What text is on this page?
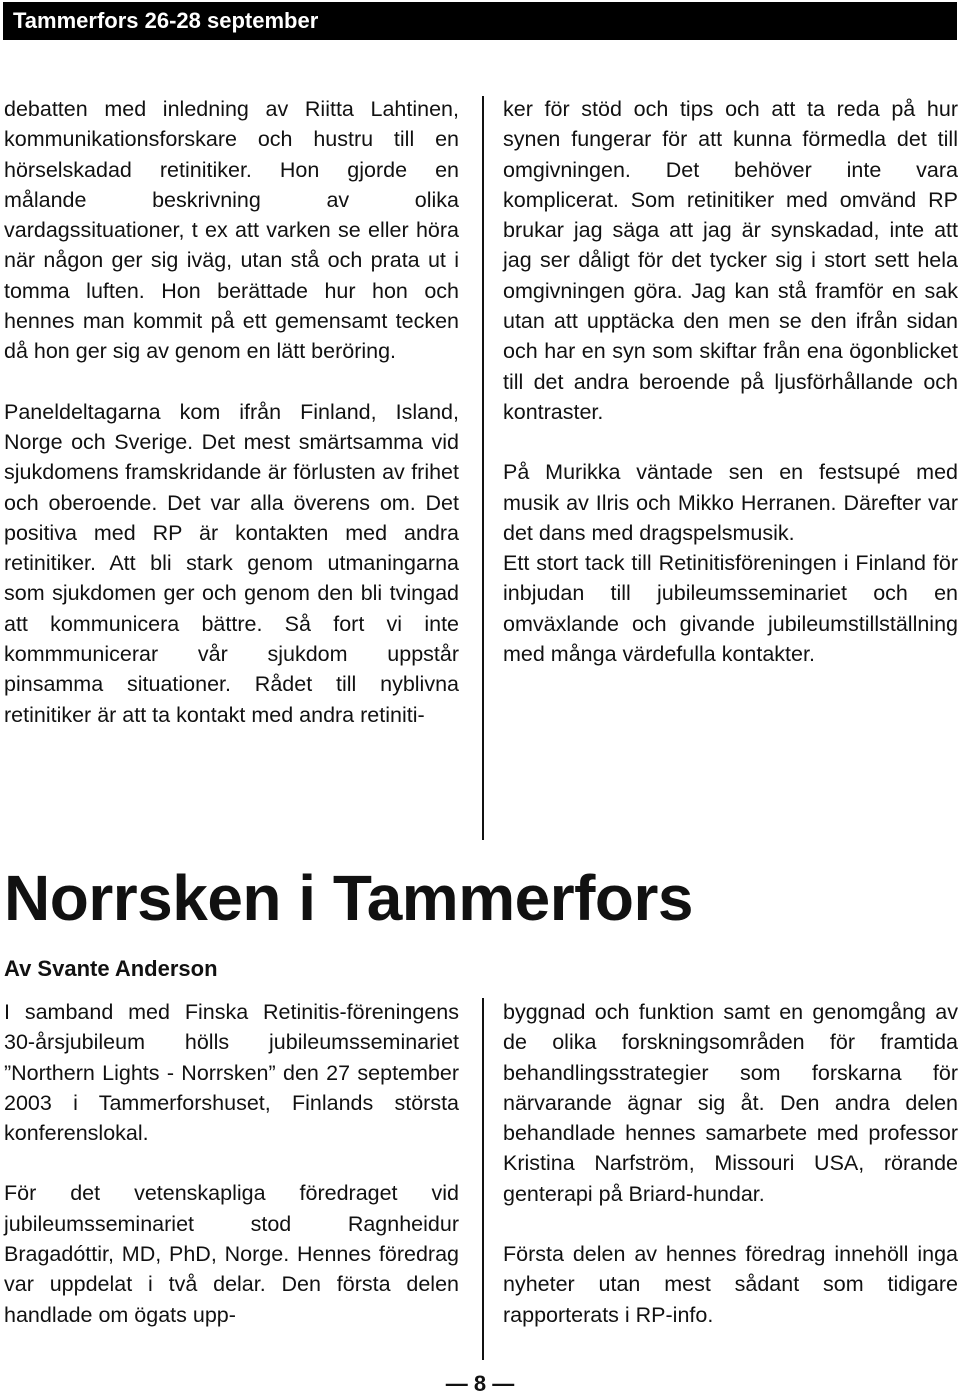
Tammerfors 26-28 september

debatten med inledning av Riitta Lahtinen, kommunikationsforskare och hustru till en hörselskadad retinitiker. Hon gjorde en målande beskrivning av olika vardagssituationer, t ex att varken se eller höra när någon ger sig iväg, utan stå och prata ut i tomma luften. Hon berättade hur hon och hennes man kommit på ett gemensamt tecken då hon ger sig av genom en lätt beröring.

Paneldeltagarna kom ifrån Finland, Island, Norge och Sverige. Det mest smärtsamma vid sjukdomens framskridande är förlusten av frihet och oberoende. Det var alla överens om. Det positiva med RP är kontakten med andra retinitiker. Att bli stark genom utmaningarna som sjukdomen ger och genom den bli tvingad att kommunicera bättre. Så fort vi inte kommmunicerar vår sjukdom uppstår pinsamma situationer. Rådet till nyblivna retinitiker är att ta kontakt med andra retiniti-

ker för stöd och tips och att ta reda på hur synen fungerar för att kunna förmedla det till omgivningen. Det behöver inte vara komplicerat. Som retinitiker med omvänd RP brukar jag säga att jag är synskadad, inte att jag ser dåligt för det tycker sig i stort sett hela omgivningen göra. Jag kan stå framför en sak utan att upptäcka den men se den ifrån sidan och har en syn som skiftar från ena ögonblicket till det andra beroende på ljusförhållande och kontraster.

På Murikka väntade sen en festsupé med musik av Ilris och Mikko Herranen. Därefter var det dans med dragspelsmusik.

Ett stort tack till Retinitisföreningen i Finland för inbjudan till jubileumsseminariet och en omväxlande och givande jubileumstillställning med många värdefulla kontakter.

Norrsken i Tammerfors
Av Svante Anderson

I samband med Finska Retinitis-föreningens 30-årsjubileum hölls jubileumsseminariet ”Northern Lights - Norrsken” den 27 september 2003 i Tammerforshuset, Finlands största konferenslokal.

För det vetenskapliga föredraget vid jubileumsseminariet stod Ragnheidur Bragadóttir, MD, PhD, Norge. Hennes föredrag var uppdelat i två delar. Den första delen handlade om ögats upp-

byggnad och funktion samt en genomgång av de olika forskningsområden för framtida behandlingsstrategier som forskarna för närvarande ägnar sig åt. Den andra delen behandlade hennes samarbete med professor Kristina Narfström, Missouri USA, rörande genterapi på Briard-hundar.

Första delen av hennes föredrag innehöll inga nyheter utan mest sådant som tidigare rapporterats i RP-info.

— 8 —
